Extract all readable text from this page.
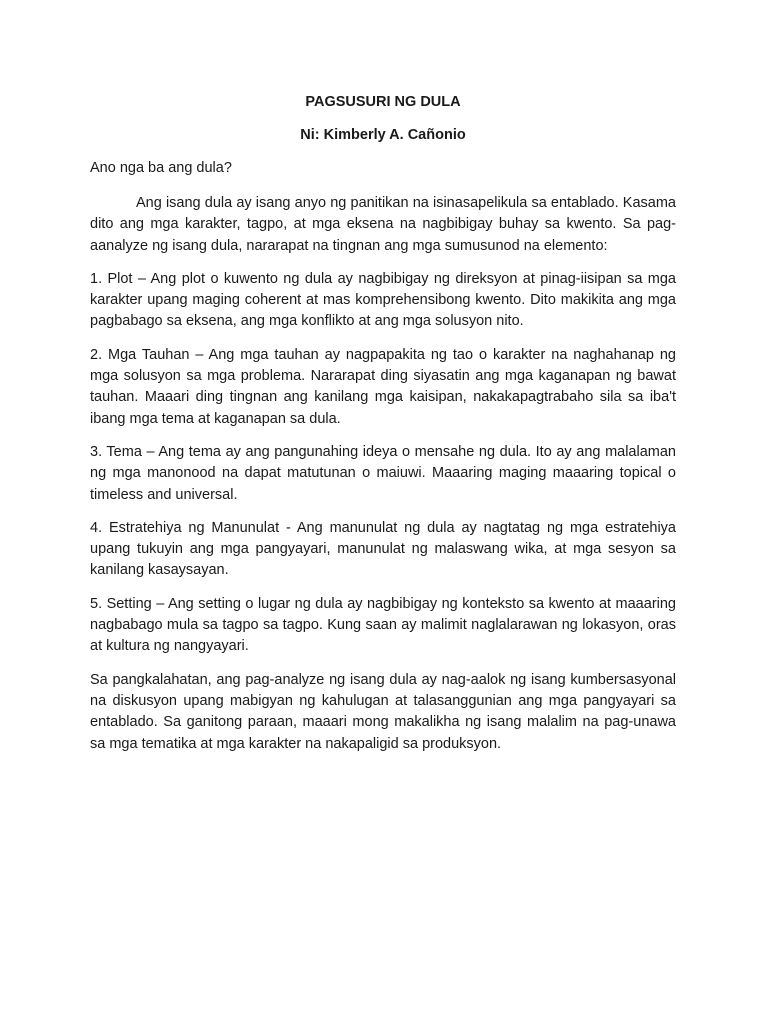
PAGSUSURI NG DULA
Ni: Kimberly A. Cañonio
Ano nga ba ang dula?

Ang isang dula ay isang anyo ng panitikan na isinasapelikula sa entablado. Kasama dito ang mga karakter, tagpo, at mga eksena na nagbibigay buhay sa kwento. Sa pag-aanalyze ng isang dula, nararapat na tingnan ang mga sumusunod na elemento:

1. Plot – Ang plot o kuwento ng dula ay nagbibigay ng direksyon at pinag-iisipan sa mga karakter upang maging coherent at mas komprehensibong kwento. Dito makikita ang mga pagbabago sa eksena, ang mga konflikto at ang mga solusyon nito.

2. Mga Tauhan – Ang mga tauhan ay nagpapakita ng tao o karakter na naghahanap ng mga solusyon sa mga problema. Nararapat ding siyasatin ang mga kaganapan ng bawat tauhan. Maaari ding tingnan ang kanilang mga kaisipan, nakakapagtrabaho sila sa iba't ibang mga tema at kaganapan sa dula.

3. Tema – Ang tema ay ang pangunahing ideya o mensahe ng dula. Ito ay ang malalaman ng mga manonood na dapat matutunan o maiuwi. Maaaring maging maaaring topical o timeless and universal.

4. Estratehiya ng Manunulat - Ang manunulat ng dula ay nagtatag ng mga estratehiya upang tukuyin ang mga pangyayari, manunulat ng malaswang wika, at mga sesyon sa kanilang kasaysayan.

5. Setting – Ang setting o lugar ng dula ay nagbibigay ng konteksto sa kwento at maaaring nagbabago mula sa tagpo sa tagpo. Kung saan ay malimit naglalarawan ng lokasyon, oras at kultura ng nangyayari.

Sa pangkalahatan, ang pag-analyze ng isang dula ay nag-aalok ng isang kumbersasyonal na diskusyon upang mabigyan ng kahulugan at talasanggunian ang mga pangyayari sa entablado. Sa ganitong paraan, maaari mong makalikha ng isang malalim na pag-unawa sa mga tematika at mga karakter na nakapaligid sa produksyon.
